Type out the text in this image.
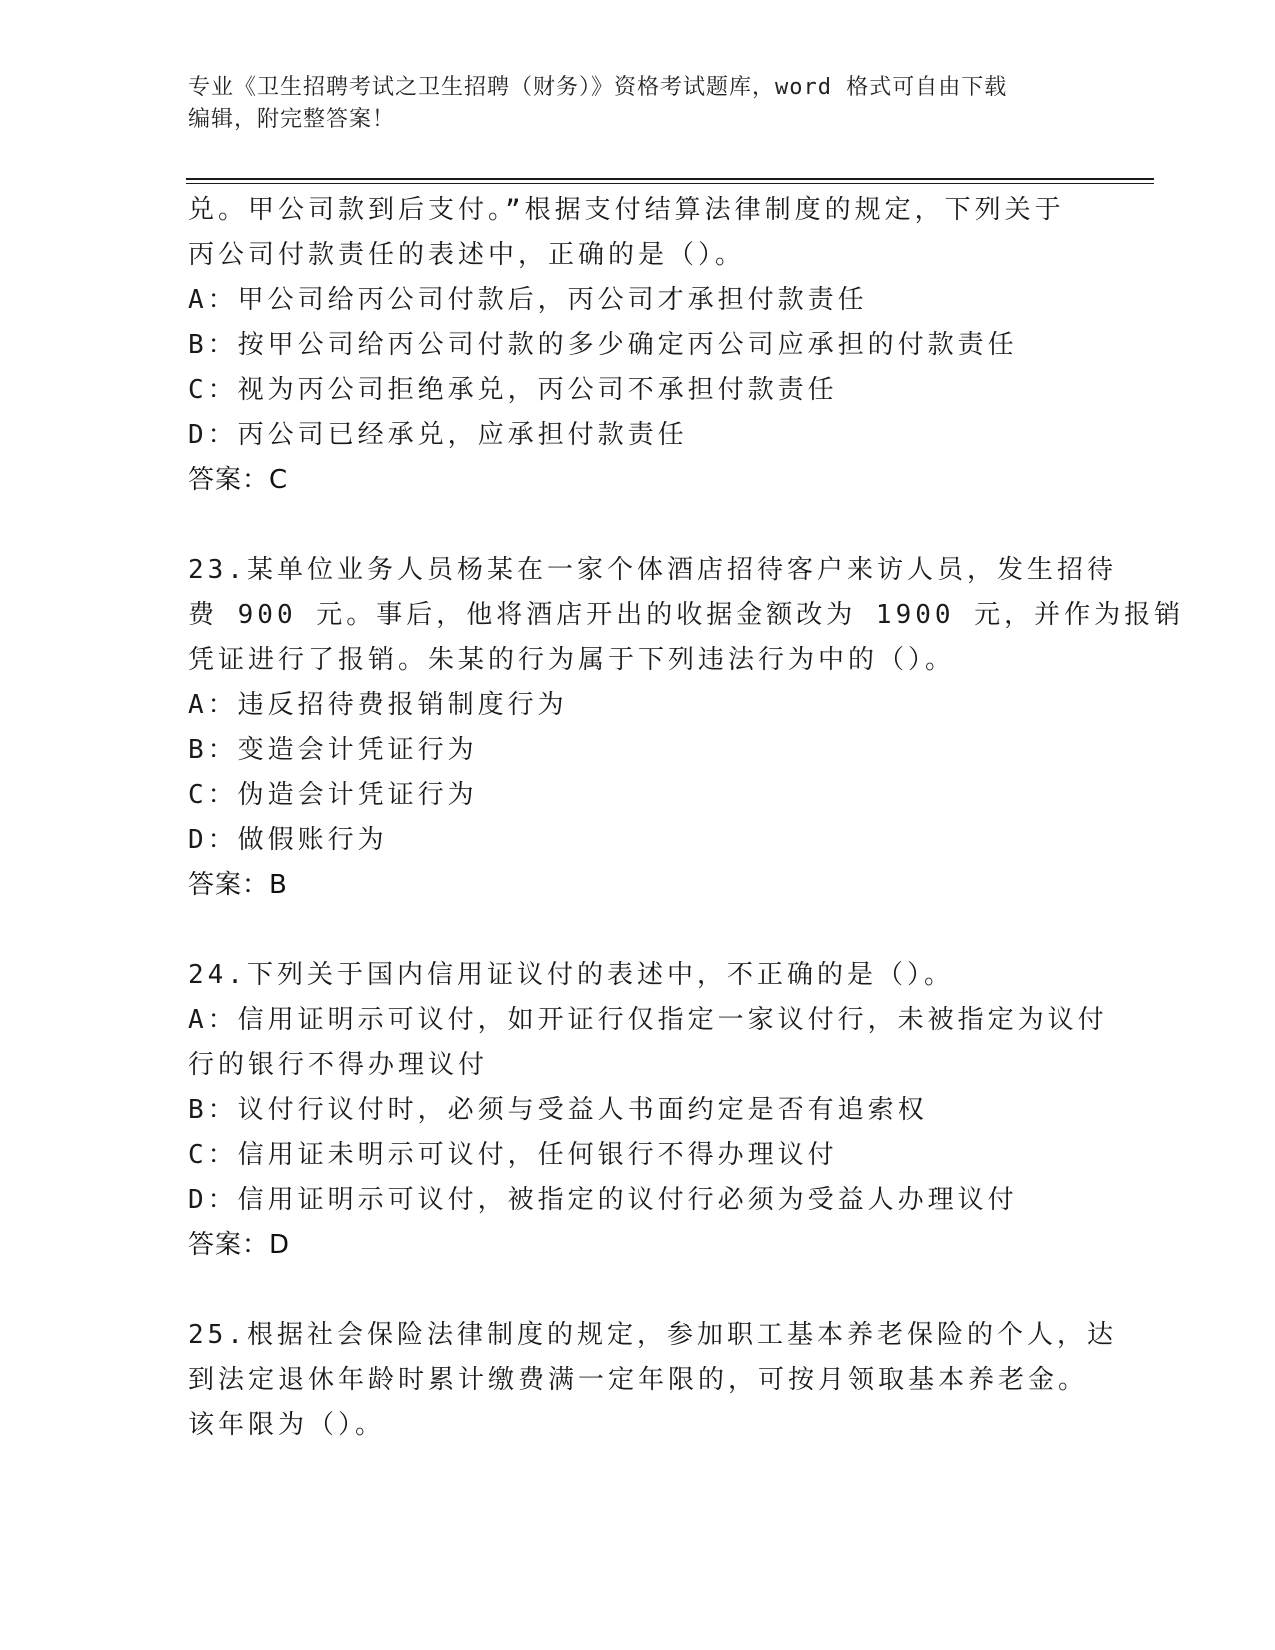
专业《卫生招聘考试之卫生招聘（财务）》资格考试题库，word 格式可自由下载
编辑，附完整答案！
兑。甲公司款到后支付。”根据支付结算法律制度的规定，下列关于
丙公司付款责任的表述中，正确的是（）。
A：甲公司给丙公司付款后，丙公司才承担付款责任
B：按甲公司给丙公司付款的多少确定丙公司应承担的付款责任
C：视为丙公司拒绝承兑，丙公司不承担付款责任
D：丙公司已经承兑，应承担付款责任
答案：C
23.某单位业务人员杨某在一家个体酒店招待客户来访人员，发生招待
费 900 元。事后，他将酒店开出的收据金额改为 1900 元，并作为报销
凭证进行了报销。朱某的行为属于下列违法行为中的（）。
A：违反招待费报销制度行为
B：变造会计凭证行为
C：伪造会计凭证行为
D：做假账行为
答案：B
24.下列关于国内信用证议付的表述中，不正确的是（）。
A：信用证明示可议付，如开证行仅指定一家议付行，未被指定为议付
行的银行不得办理议付
B：议付行议付时，必须与受益人书面约定是否有追索权
C：信用证未明示可议付，任何银行不得办理议付
D：信用证明示可议付，被指定的议付行必须为受益人办理议付
答案：D
25.根据社会保险法律制度的规定，参加职工基本养老保险的个人，达
到法定退休年龄时累计缴费满一定年限的，可按月领取基本养老金。
该年限为（）。
